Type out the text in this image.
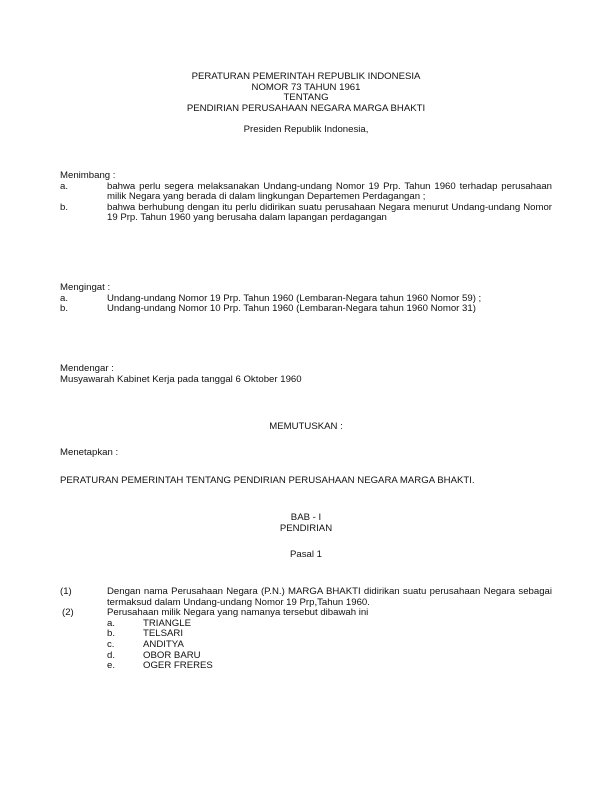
PERATURAN PEMERINTAH REPUBLIK INDONESIA
NOMOR 73 TAHUN 1961
TENTANG
PENDIRIAN PERUSAHAAN NEGARA MARGA BHAKTI
Presiden Republik Indonesia,
Menimbang :
a.	bahwa perlu segera melaksanakan Undang-undang Nomor 19 Prp. Tahun 1960 terhadap perusahaan milik Negara yang berada di dalam lingkungan Departemen Perdagangan ;
b.	bahwa berhubung dengan itu perlu didirikan suatu perusahaan Negara menurut Undang-undang Nomor 19 Prp. Tahun 1960 yang berusaha dalam lapangan perdagangan
Mengingat :
a.	Undang-undang Nomor 19 Prp. Tahun 1960 (Lembaran-Negara tahun 1960 Nomor 59) ;
b.	Undang-undang Nomor 10 Prp. Tahun 1960 (Lembaran-Negara tahun 1960 Nomor 31)
Mendengar :
Musyawarah Kabinet Kerja pada tanggal 6 Oktober 1960
MEMUTUSKAN :
Menetapkan :
PERATURAN PEMERINTAH TENTANG PENDIRIAN PERUSAHAAN NEGARA MARGA BHAKTI.
BAB - I
PENDIRIAN
Pasal 1
(1)	Dengan nama Perusahaan Negara (P.N.) MARGA BHAKTI didirikan suatu perusahaan Negara sebagai termaksud dalam Undang-undang Nomor 19 Prp,Tahun 1960.
(2)	Perusahaan milik Negara yang namanya tersebut dibawah ini
a.	TRIANGLE
b.	TELSARI
c.	ANDITYA
d.	OBOR BARU
e.	OGER FRERES
